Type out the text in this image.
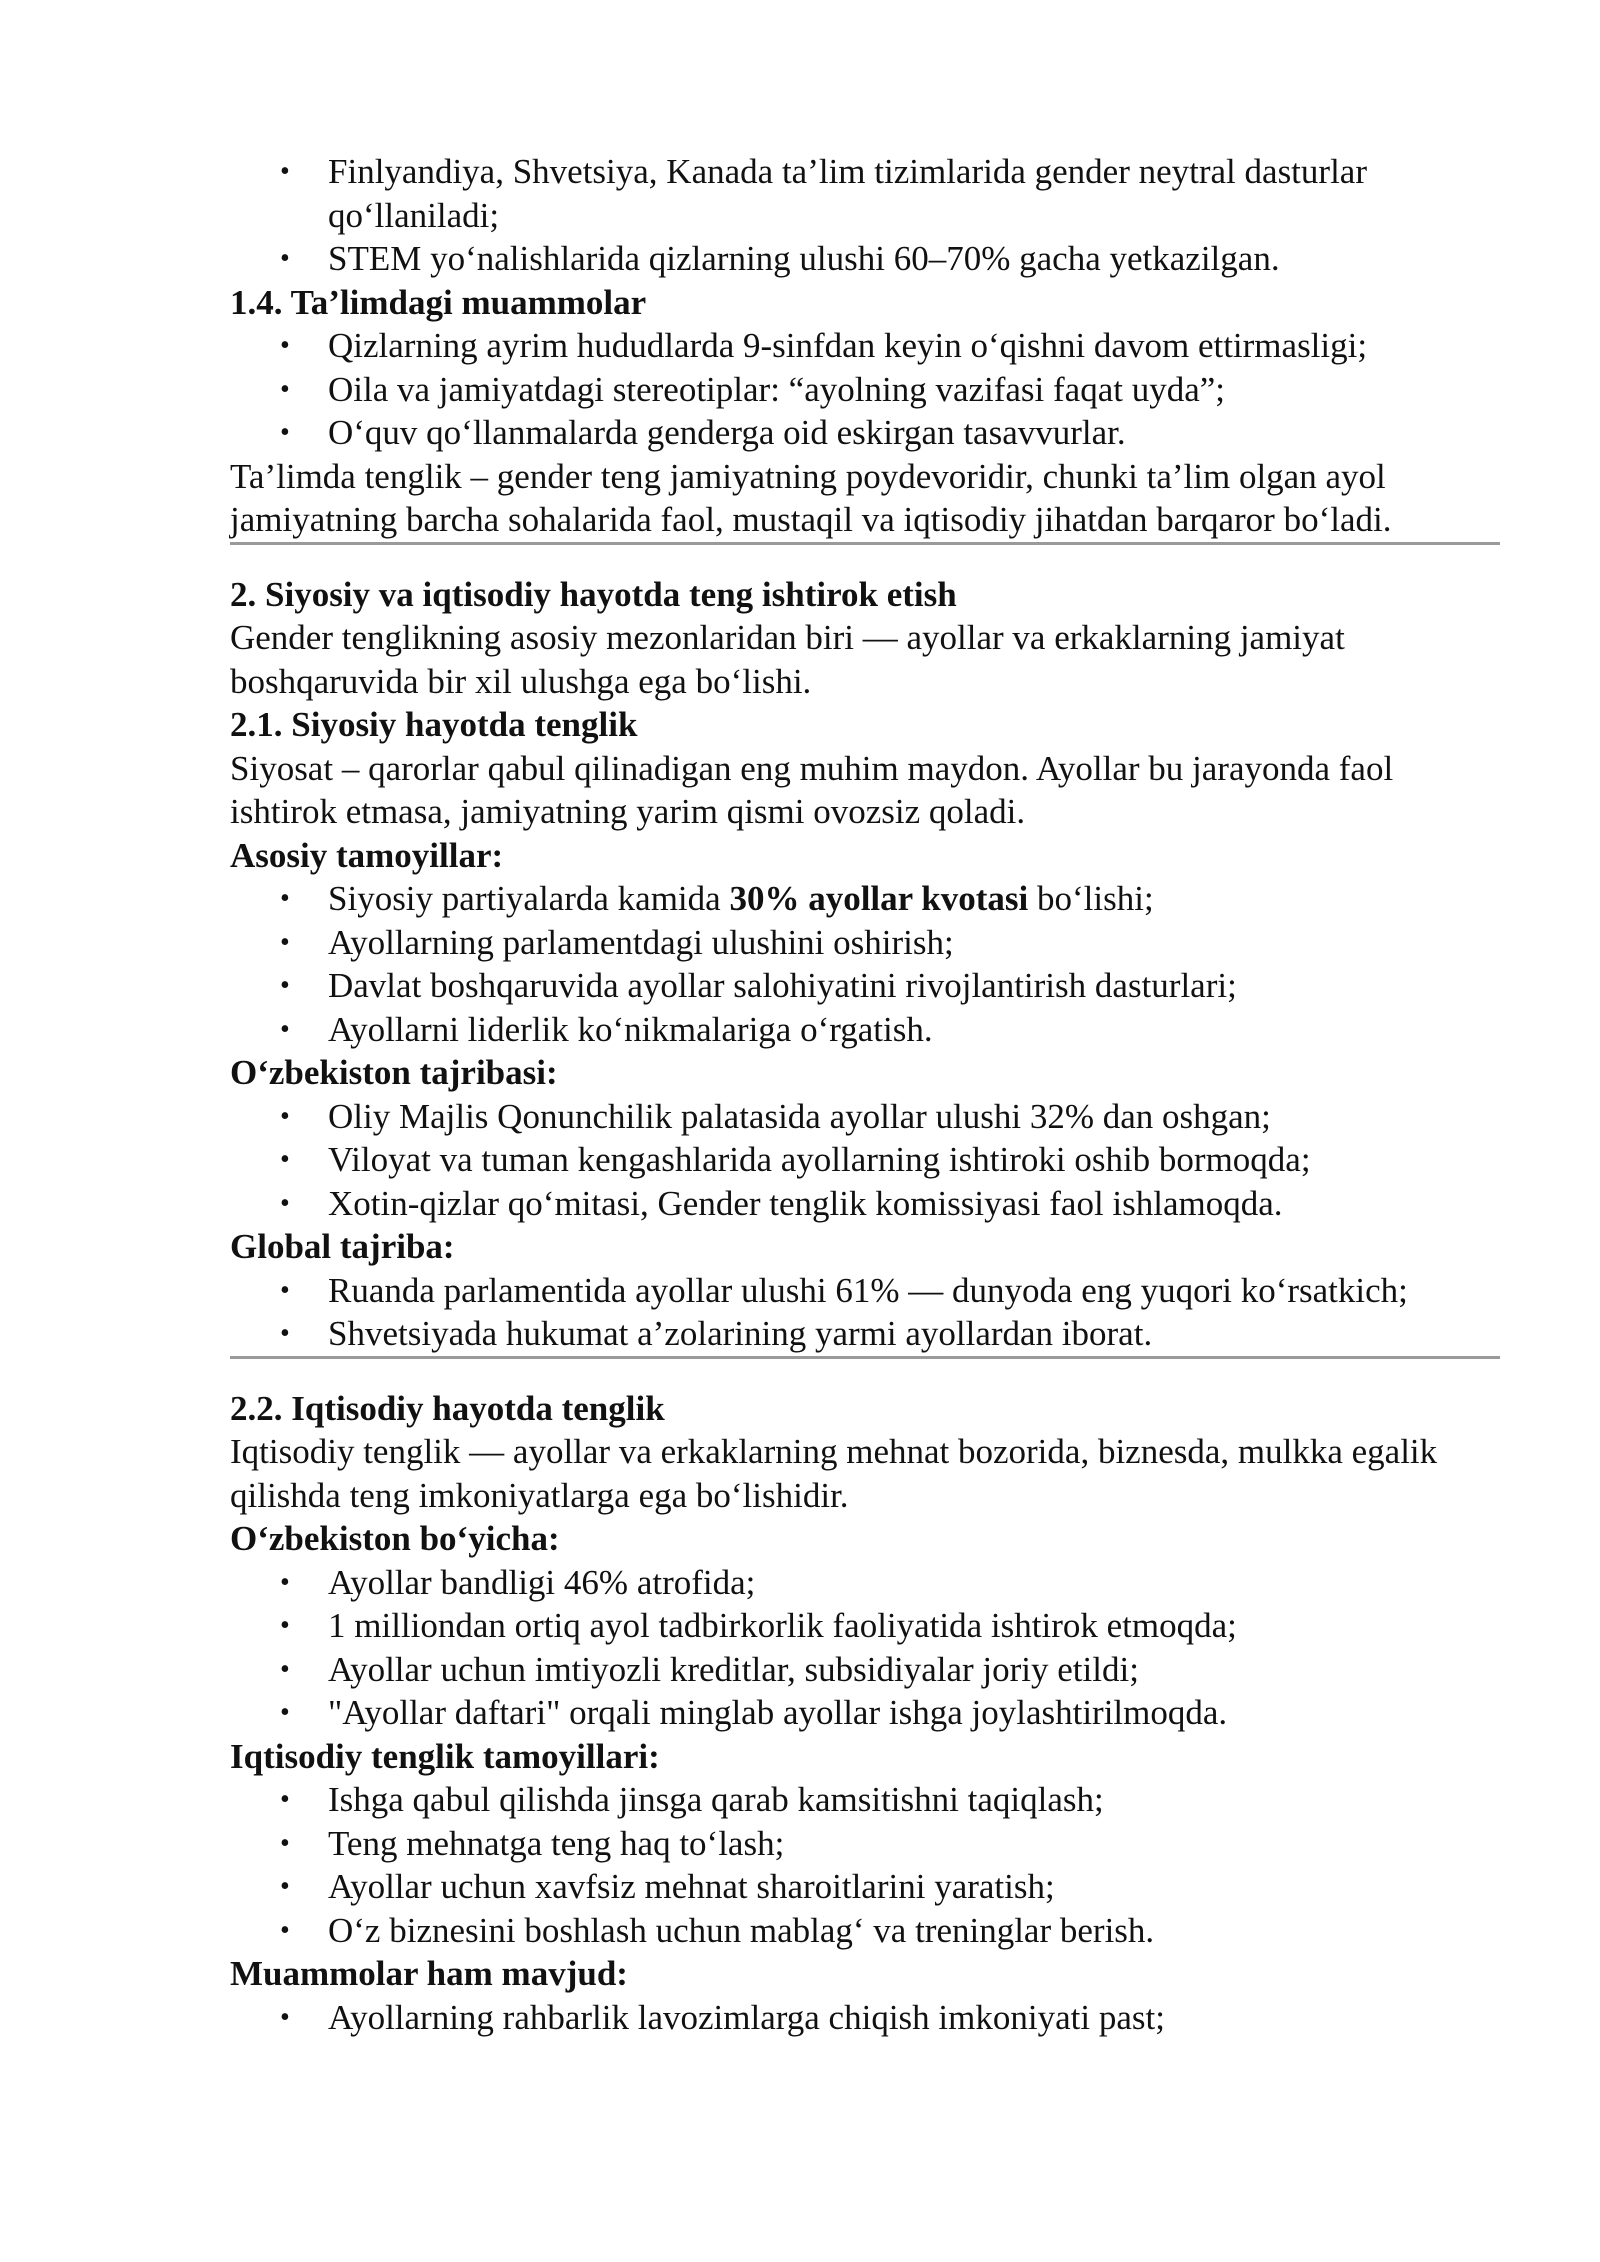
• Finlyandiya, Shvetsiya, Kanada ta’lim tizimlarida gender neytral dasturlar qo‘llaniladi;
• STEM yo‘nalishlarida qizlarning ulushi 60–70% gacha yetkazilgan.

1.4. Ta’limdagi muammolar

• Qizlarning ayrim hududlarda 9-sinfdan keyin o‘qishni davom ettirmasligi;
• Oila va jamiyatdagi stereotiplar: “ayolning vazifasi faqat uyda”;
• O‘quv qo‘llanmalarda genderga oid eskirgan tasavvurlar.

Ta’limda tenglik – gender teng jamiyatning poydevoridir, chunki ta’lim olgan ayol jamiyatning barcha sohalarida faol, mustaqil va iqtisodiy jihatdan barqaror bo‘ladi.

2. Siyosiy va iqtisodiy hayotda teng ishtirok etish

Gender tenglikning asosiy mezonlaridan biri — ayollar va erkaklarning jamiyat boshqaruvida bir xil ulushga ega bo‘lishi.

2.1. Siyosiy hayotda tenglik

Siyosat – qarorlar qabul qilinadigan eng muhim maydon. Ayollar bu jarayonda faol ishtirok etmasa, jamiyatning yarim qismi ovozsiz qoladi.

Asosiy tamoyillar:

• Siyosiy partiyalarda kamida 30% ayollar kvotasi bo‘lishi;
• Ayollarning parlamentdagi ulushini oshirish;
• Davlat boshqaruvida ayollar salohiyatini rivojlantirish dasturlari;
• Ayollarni liderlik ko‘nikmalariga o‘rgatish.

O‘zbekiston tajribasi:

• Oliy Majlis Qonunchilik palatasida ayollar ulushi 32% dan oshgan;
• Viloyat va tuman kengashlarida ayollarning ishtiroki oshib bormoqda;
• Xotin-qizlar qo‘mitasi, Gender tenglik komissiyasi faol ishlamoqda.

Global tajriba:

• Ruanda parlamentida ayollar ulushi 61% — dunyoda eng yuqori ko‘rsatkich;
• Shvetsiyada hukumat a’zolarining yarmi ayollardan iborat.

2.2. Iqtisodiy hayotda tenglik

Iqtisodiy tenglik — ayollar va erkaklarning mehnat bozorida, biznesda, mulkka egalik qilishda teng imkoniyatlarga ega bo‘lishidir.

O‘zbekiston bo‘yicha:

• Ayollar bandligi 46% atrofida;
• 1 milliondan ortiq ayol tadbirkorlik faoliyatida ishtirok etmoqda;
• Ayollar uchun imtiyozli kreditlar, subsidiyalar joriy etildi;
• "Ayollar daftari" orqali minglab ayollar ishga joylashtirilmoqda.

Iqtisodiy tenglik tamoyillari:

• Ishga qabul qilishda jinsga qarab kamsitishni taqiqlash;
• Teng mehnatga teng haq to‘lash;
• Ayollar uchun xavfsiz mehnat sharoitlarini yaratish;
• O‘z biznesini boshlash uchun mablag‘ va treninglar berish.

Muammolar ham mavjud:

• Ayollarning rahbarlik lavozimlarga chiqish imkoniyati past;
